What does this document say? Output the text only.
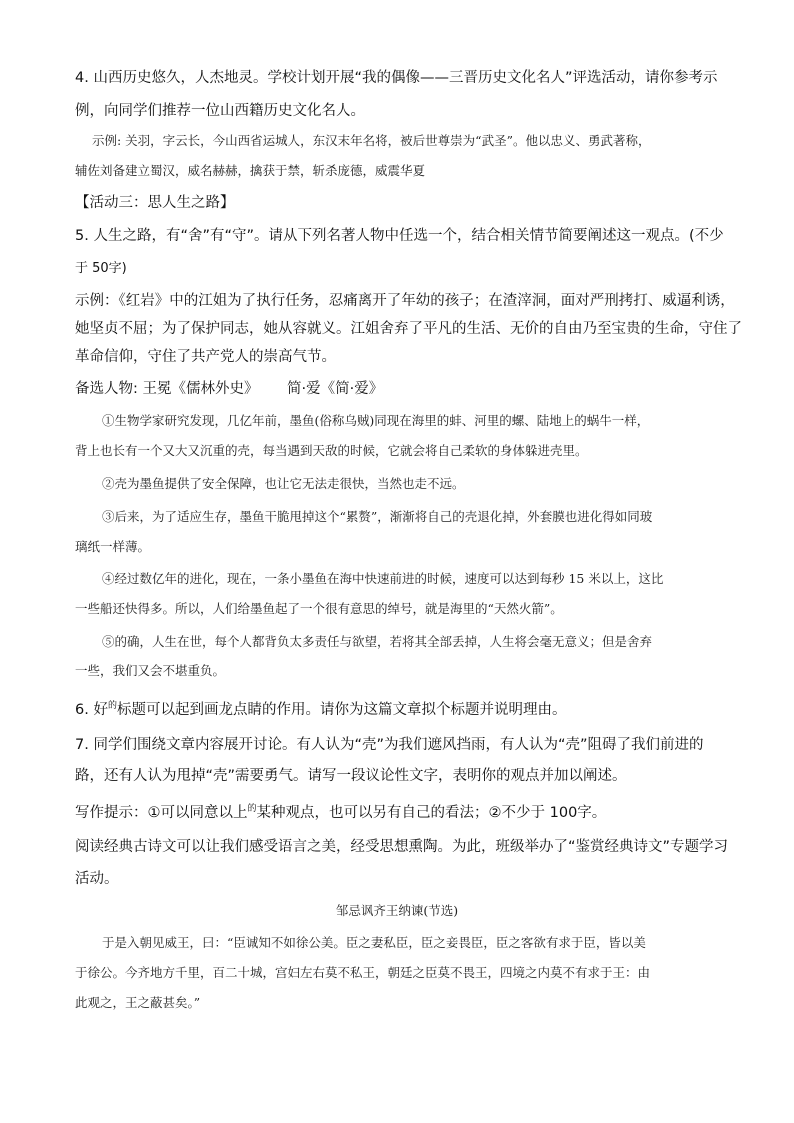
4. 山西历史悠久，人杰地灵。学校计划开展“我的偶像——三晋历史文化名人”评选活动，请你参考示
例，向同学们推荐一位山西籍历史文化名人。
示例: 关羽，字云长，今山西省运城人，东汉末年名将，被后世尊崇为“武圣”。他以忠义、勇武著称，
辅佐刘备建立蜀汉，威名赫赫，擒获于禁，斩杀庞德，威震华夏
【活动三：思人生之路】
5. 人生之路，有“舍”有“守”。请从下列名著人物中任选一个，结合相关情节简要阐述这一观点。(不少
于 50字)
示例：《红岩》中的江姐为了执行任务，忍痛离开了年幼的孩子；在渣滓洞，面对严刑拷打、威逼利诱，
她坚贞不屈；为了保护同志，她从容就义。江姐舍弃了平凡的生活、无价的自由乃至宝贵的生命，守住了
革命信仰，守住了共产党人的崇高气节。
备选人物: 王冕《儒林外史》 简·爱《简·爱》
①生物学家研究发现，几亿年前，墨鱼(俗称乌贼)同现在海里的蚌、河里的螺、陆地上的蜗牛一样，
背上也长有一个又大又沉重的壳，每当遇到天敌的时候，它就会将自己柔软的身体躲进壳里。
②壳为墨鱼提供了安全保障，也让它无法走很快，当然也走不远。
③后来，为了适应生存，墨鱼干脆甩掉这个“累赘”，渐渐将自己的壳退化掉，外套膜也进化得如同玻
璃纸一样薄。
④经过数亿年的进化，现在，一条小墨鱼在海中快速前进的时候，速度可以达到每秒 15 米以上，这比
一些船还快得多。所以，人们给墨鱼起了一个很有意思的绰号，就是海里的“天然火箭”。
⑤的确，人生在世，每个人都背负太多责任与欲望，若将其全部丢掉，人生将会毫无意义；但是舍弃
一些，我们又会不堪重负。
6. 好$^的$标题可以起到画龙点睛的作用。请你为这篇文章拟个标题并说明理由。
7. 同学们围绕文章内容展开讨论。有人认为“壳”为我们遮风挡雨，有人认为“壳”阻碍了我们前进的
路，还有人认为甩掉“壳”需要勇气。请写一段议论性文字，表明你的观点并加以阐述。
写作提示：①可以同意以上$^的$某种观点，也可以另有自己的看法；②不少于 100字。
阅读经典古诗文可以让我们感受语言之美，经受思想熏陶。为此，班级举办了“鉴赏经典诗文”专题学习
活动。
邹忌讽齐王纳谏(节选)
于是入朝见威王，曰：“臣诚知不如徐公美。臣之妻私臣，臣之妾畏臣，臣之客欲有求于臣，皆以美
于徐公。今齐地方千里，百二十城，宫妇左右莫不私王，朝廷之臣莫不畏王，四境之内莫不有求于王：由
此观之，王之蔽甚矣。”
